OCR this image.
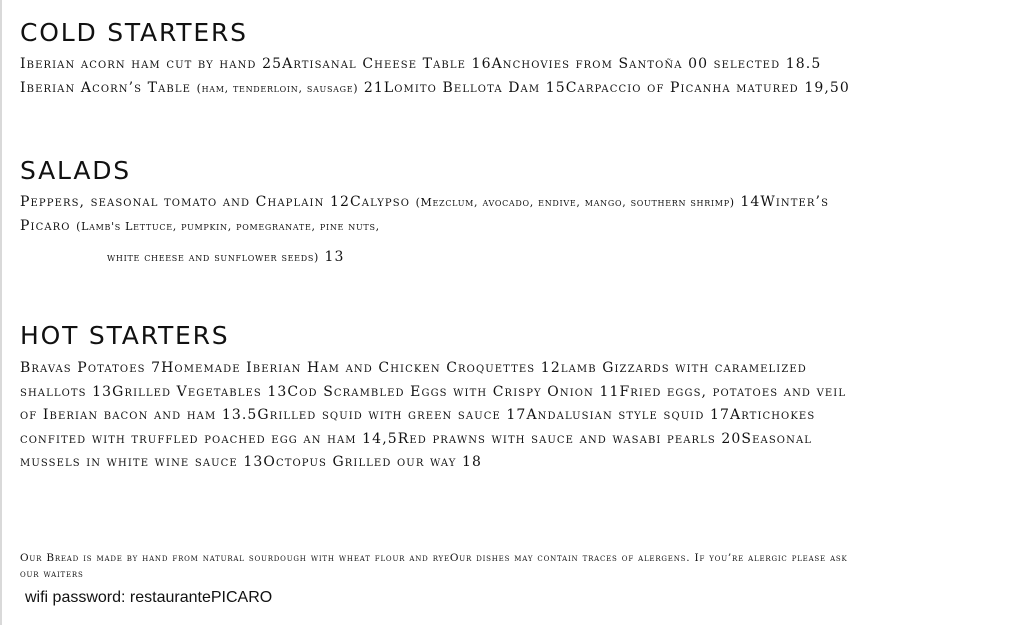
COLD STARTERS
Iberian acorn ham cut by hand 25Artisanal Cheese Table 16Anchovies from Santoña 00 selected 18.5
Iberian Acorn’s Table (ham, tenderloin, sausage) 21Lomito Bellota Dam 15Carpaccio of Picanha matured 19,50
SALADS
Peppers, seasonal tomato and Chaplain 12Calypso (Mezclum, avocado, endive, mango, southern shrimp) 14Winter’s
Picaro (Lamb's Lettuce, pumpkin, pomegranate, pine nuts,
white cheese and sunflower seeds) 13
HOT STARTERS
Bravas Potatoes 7Homemade Iberian Ham and Chicken Croquettes 12lamb Gizzards with caramelized
shallots 13Grilled Vegetables 13Cod Scrambled Eggs with Crispy Onion 11Fried eggs, potatoes and veil
of Iberian bacon and ham 13.5Grilled squid with green sauce 17Andalusian style squid 17Artichokes
confited with truffled poached egg an ham 14,5Red prawns with sauce and wasabi pearls 20Seasonal
mussels in white wine sauce 13Octopus Grilled our way 18
Our Bread is made by hand from natural sourdough with wheat flour and ryeOur dishes may contain traces of alergens. If you’re alergic please ask
our waiters
wifi password: restaurantePICARO
